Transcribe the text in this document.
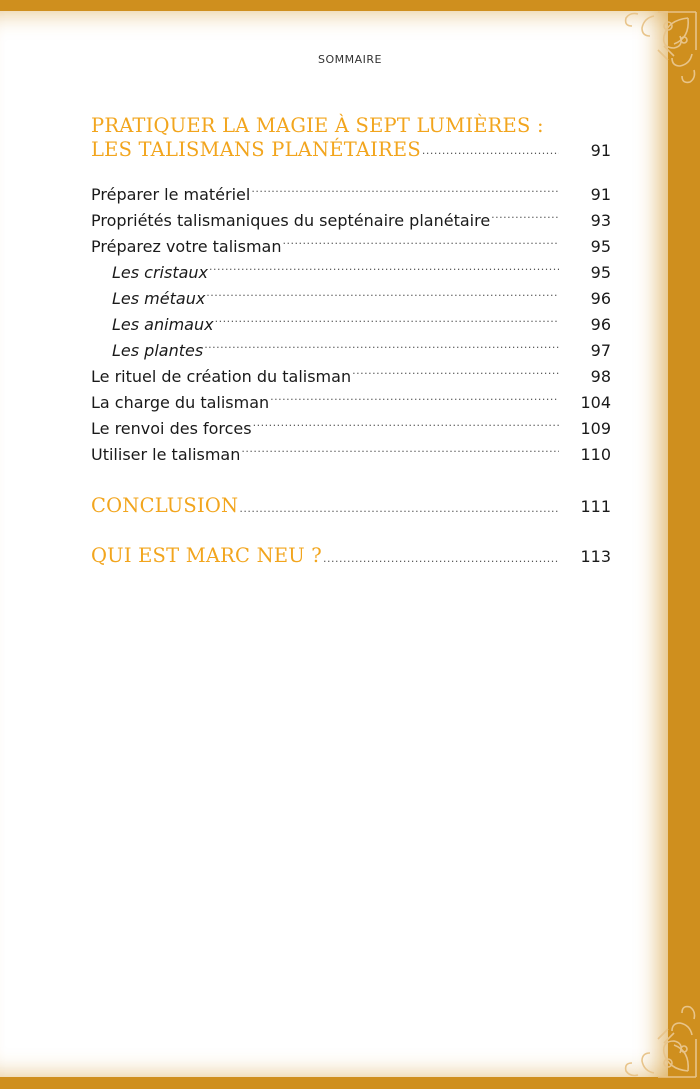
SOMMAIRE
PRATIQUER LA MAGIE À SEPT LUMIÈRES :
LES TALISMANS PLANÉTAIRES .....	91
Préparer le matériel .....	91
Propriétés talismaniques du septénaire planétaire .....	93
Préparez votre talisman .....	95
Les cristaux .....	95
Les métaux .....	96
Les animaux .....	96
Les plantes .....	97
Le rituel de création du talisman .....	98
La charge du talisman .....	104
Le renvoi des forces .....	109
Utiliser le talisman .....	110
CONCLUSION .....	111
QUI EST MARC NEU ? .....	113
